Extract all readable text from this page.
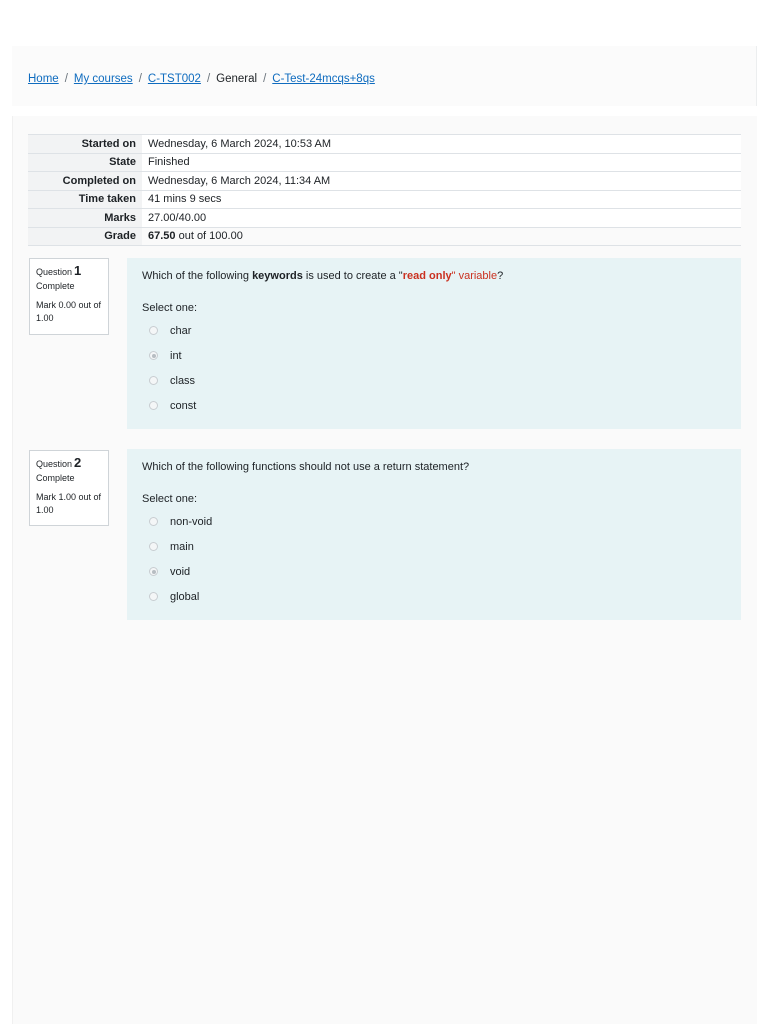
Home / My courses / C-TST002 / General / C-Test-24mcqs+8qs
Started on	Wednesday, 6 March 2024, 10:53 AM
State	Finished
Completed on	Wednesday, 6 March 2024, 11:34 AM
Time taken	41 mins 9 secs
Marks	27.00/40.00
Grade	67.50 out of 100.00
Question 1
Complete
Mark 0.00 out of 1.00
Which of the following keywords is used to create a "read only" variable?
Select one:
char
int
class
const
Question 2
Complete
Mark 1.00 out of 1.00
Which of the following functions should not use a return statement?
Select one:
non-void
main
void
global
